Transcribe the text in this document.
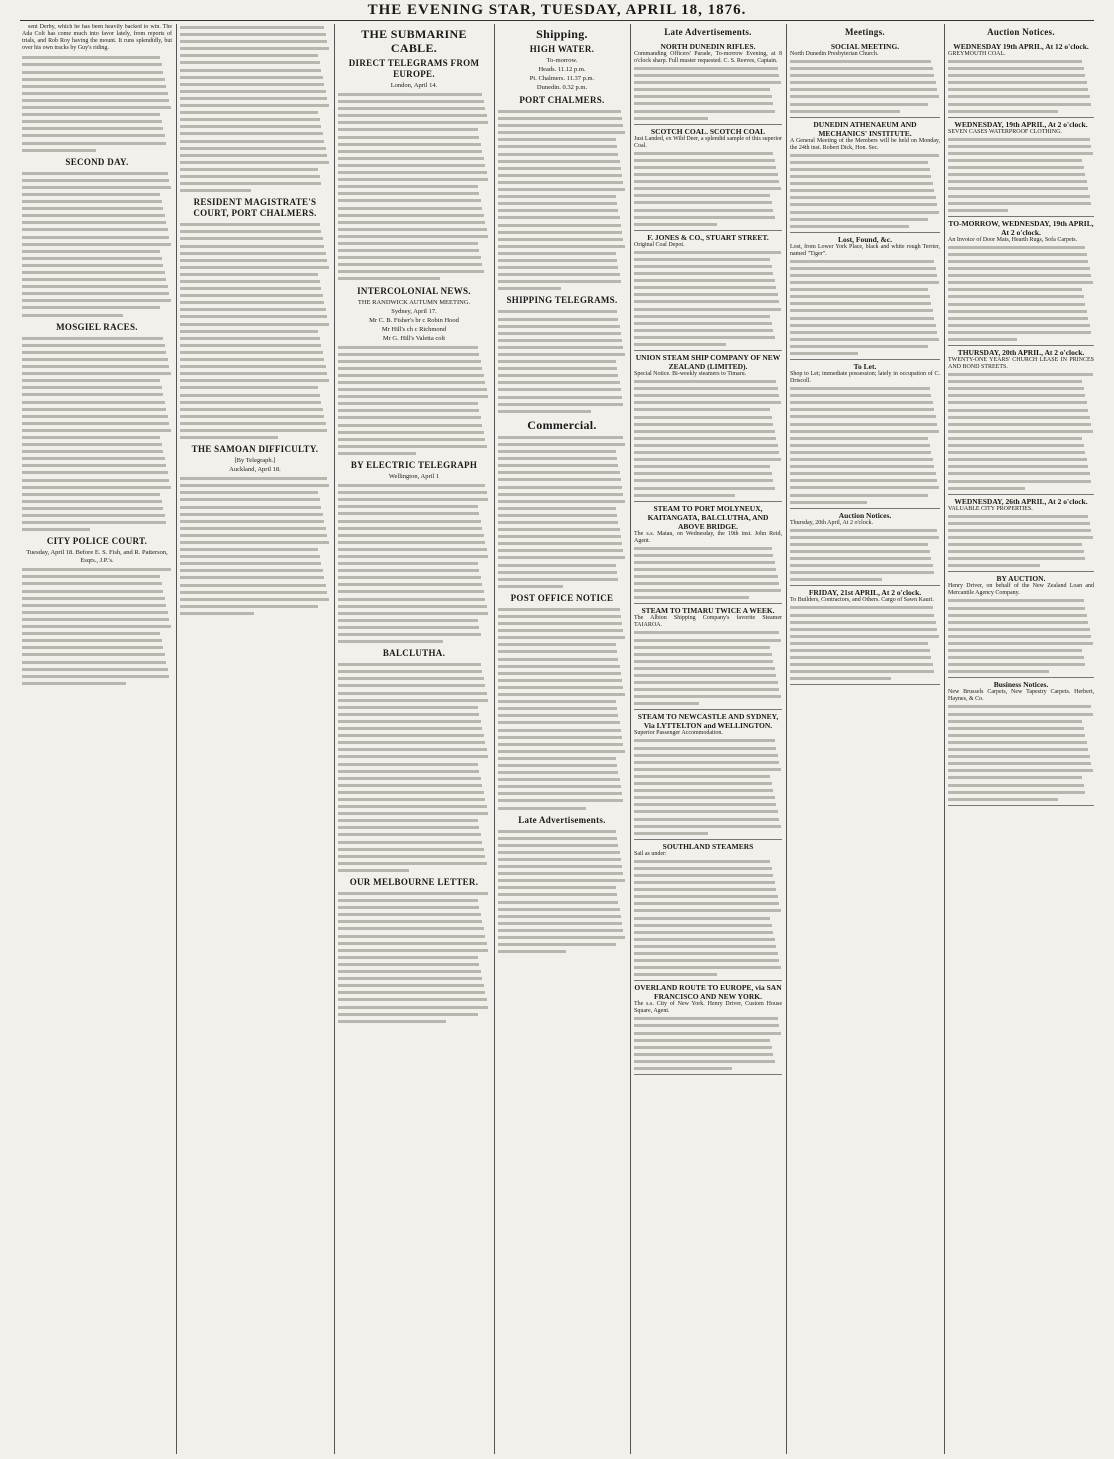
THE EVENING STAR, TUESDAY, APRIL 18, 1876.

sent Derby, which he has been heavily backed to win. The Ada Colt has come much into favor lately, from reports of trials, and Rob Roy having the mount. It runs splendidly, but over his own tracks by Guy's riding.

SECOND DAY.
MOSGIEL RACES.
CITY POLICE COURT.
Tuesday, April 18. Before E. S. Fish, and R. Patterson, Esqrs., J.P.'s.
RESIDENT MAGISTRATE'S COURT, PORT CHALMERS.
THE SAMOAN DIFFICULTY.
[By Telegraph.]
Auckland, April 18.
THE SUBMARINE CABLE.
DIRECT TELEGRAMS FROM EUROPE.
London, April 14.
INTERCOLONIAL NEWS.
THE RANDWICK AUTUMN MEETING.
Sydney, April 17.
Mr C. B. Fisher's br c Robin Hood
Mr Hill's ch c Richmond
Mr G. Hill's Valetta colt
BY ELECTRIC TELEGRAPH
Wellington, April 1
BALCLUTHA.
OUR MELBOURNE LETTER.
Shipping.
HIGH WATER.
To-morrow.
Heads. 11.12 p.m.
Pt. Chalmers. 11.37 p.m.
Dunedin. 0.32 p.m.
PORT CHALMERS.
SHIPPING TELEGRAMS.
Commercial.
POST OFFICE NOTICE
Late Advertisements.
Late Advertisements.
NORTH DUNEDIN RIFLES.
Commanding Officers' Parade, To-morrow Evening, at 8 o'clock sharp. Full muster requested. C. S. Reeves, Captain.
SCOTCH COAL. SCOTCH COAL
Just Landed, ex Wild Deer, a splendid sample of this superior Coal.
F. JONES & CO., STUART STREET.
Original Coal Depot.
UNION STEAM SHIP COMPANY OF NEW ZEALAND (LIMITED).
Special Notice. Bi-weekly steamers to Timaru.
STEAM TO PORT MOLYNEUX, KAITANGATA, BALCLUTHA, AND ABOVE BRIDGE.
The s.s. Matau, on Wednesday, the 19th inst. John Reid, Agent.
STEAM TO TIMARU TWICE A WEEK.
The Albion Shipping Company's favorite Steamer TAIAROA.
STEAM TO NEWCASTLE AND SYDNEY, Via LYTTELTON and WELLINGTON.
Superior Passenger Accommodation.
SOUTHLAND STEAMERS
Sail as under:
OVERLAND ROUTE TO EUROPE, via SAN FRANCISCO AND NEW YORK.
The s.s. City of New York. Henry Driver, Custom House Square, Agent.
Meetings.
SOCIAL MEETING.
North Dunedin Presbyterian Church.
DUNEDIN ATHENAEUM AND MECHANICS' INSTITUTE.
A General Meeting of the Members will be held on Monday, the 24th inst. Robert Dick, Hon. Sec.
Lost, Found, &c.
Lost, from Lower York Place, black and white rough Terrier, named "Tiger".
To Let.
Shop to Let; immediate possession; lately in occupation of C. Driscoll.
Auction Notices.
Thursday, 20th April, At 2 o'clock.
FRIDAY, 21st APRIL, At 2 o'clock.
To Builders, Contractors, and Others. Cargo of Sawn Kauri.
Auction Notices.
WEDNESDAY 19th APRIL, At 12 o'clock.
GREYMOUTH COAL.
WEDNESDAY, 19th APRIL, At 2 o'clock.
SEVEN CASES WATERPROOF CLOTHING.
TO-MORROW, WEDNESDAY, 19th APRIL, At 2 o'clock.
An Invoice of Door Mats, Hearth Rugs, Sofa Carpets.
THURSDAY, 20th APRIL, At 2 o'clock.
TWENTY-ONE YEARS' CHURCH LEASE IN PRINCES AND BOND STREETS.
WEDNESDAY, 26th APRIL, At 2 o'clock.
VALUABLE CITY PROPERTIES.
BY AUCTION.
Henry Driver, on behalf of the New Zealand Loan and Mercantile Agency Company.
Business Notices.
New Brussels Carpets, New Tapestry Carpets. Herbert, Haynes, & Co.
